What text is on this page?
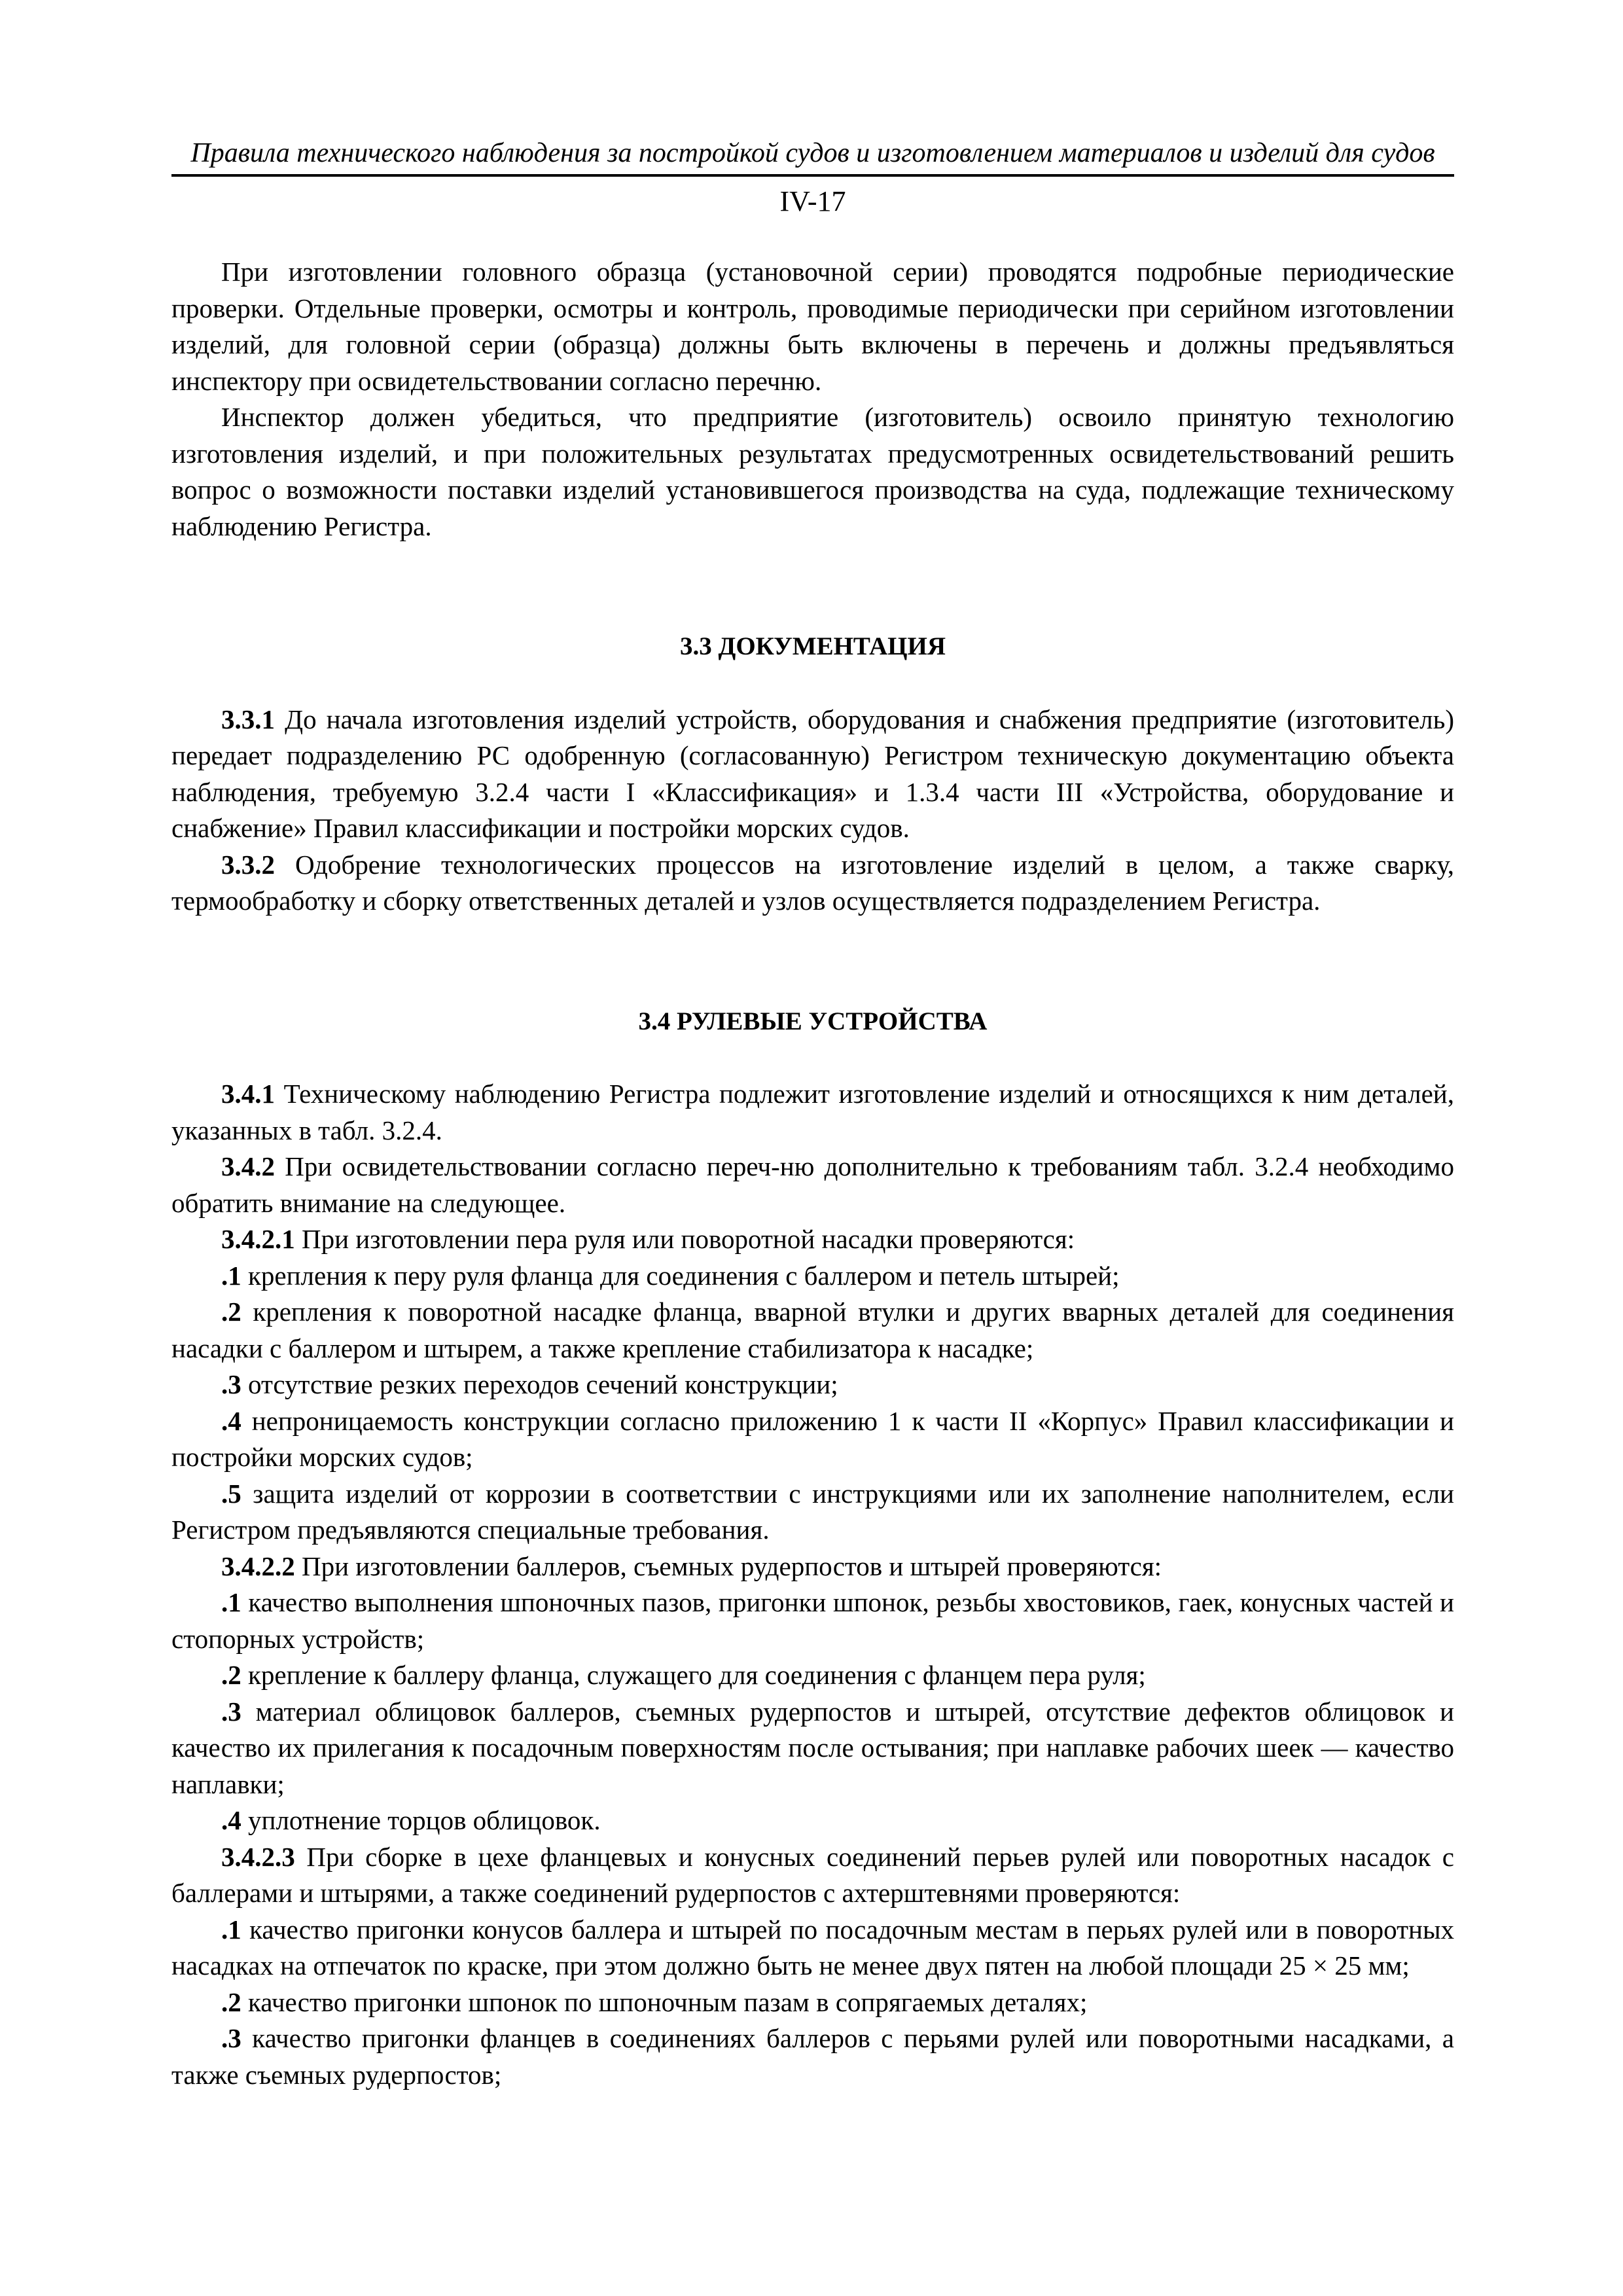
Правила технического наблюдения за постройкой судов и изготовлением материалов и изделий для судов
IV-17

При изготовлении головного образца (установочной серии) проводятся подробные периодические проверки. Отдельные проверки, осмотры и контроль, проводимые периодически при серийном изготовлении изделий, для головной серии (образца) должны быть включены в перечень и должны предъявляться инспектору при освидетельствовании согласно перечню.

Инспектор должен убедиться, что предприятие (изготовитель) освоило принятую технологию изготовления изделий, и при положительных результатах предусмотренных освидетельствований решить вопрос о возможности поставки изделий установившегося производства на суда, подлежащие техническому наблюдению Регистра.

3.3 ДОКУМЕНТАЦИЯ

3.3.1 До начала изготовления изделий устройств, оборудования и снабжения предприятие (изготовитель) передает подразделению РС одобренную (согласованную) Регистром техническую документацию объекта наблюдения, требуемую 3.2.4 части I «Классификация» и 1.3.4 части III «Устройства, оборудование и снабжение» Правил классификации и постройки морских судов.

3.3.2 Одобрение технологических процессов на изготовление изделий в целом, а также сварку, термообработку и сборку ответственных деталей и узлов осуществляется подразделением Регистра.

3.4 РУЛЕВЫЕ УСТРОЙСТВА

3.4.1 Техническому наблюдению Регистра подлежит изготовление изделий и относящихся к ним деталей, указанных в табл. 3.2.4.

3.4.2 При освидетельствовании согласно переч-ню дополнительно к требованиям табл. 3.2.4 необходимо обратить внимание на следующее.

3.4.2.1 При изготовлении пера руля или поворотной насадки проверяются:

.1 крепления к перу руля фланца для соединения с баллером и петель штырей;

.2 крепления к поворотной насадке фланца, вварной втулки и других вварных деталей для соединения насадки с баллером и штырем, а также крепление стабилизатора к насадке;

.3 отсутствие резких переходов сечений конструкции;

.4 непроницаемость конструкции согласно приложению 1 к части II «Корпус» Правил классификации и постройки морских судов;

.5 защита изделий от коррозии в соответствии с инструкциями или их заполнение наполнителем, если Регистром предъявляются специальные требования.

3.4.2.2 При изготовлении баллеров, съемных рудерпостов и штырей проверяются:

.1 качество выполнения шпоночных пазов, пригонки шпонок, резьбы хвостовиков, гаек, конусных частей и стопорных устройств;

.2 крепление к баллеру фланца, служащего для соединения с фланцем пера руля;

.3 материал облицовок баллеров, съемных рудерпостов и штырей, отсутствие дефектов облицовок и качество их прилегания к посадочным поверхностям после остывания; при наплавке рабочих шеек — качество наплавки;

.4 уплотнение торцов облицовок.

3.4.2.3 При сборке в цехе фланцевых и конусных соединений перьев рулей или поворотных насадок с баллерами и штырями, а также соединений рудерпостов с ахтерштевнями проверяются:

.1 качество пригонки конусов баллера и штырей по посадочным местам в перьях рулей или в поворотных насадках на отпечаток по краске, при этом должно быть не менее двух пятен на любой площади 25 × 25 мм;

.2 качество пригонки шпонок по шпоночным пазам в сопрягаемых деталях;

.3 качество пригонки фланцев в соединениях баллеров с перьями рулей или поворотными насадками, а также съемных рудерпостов;
